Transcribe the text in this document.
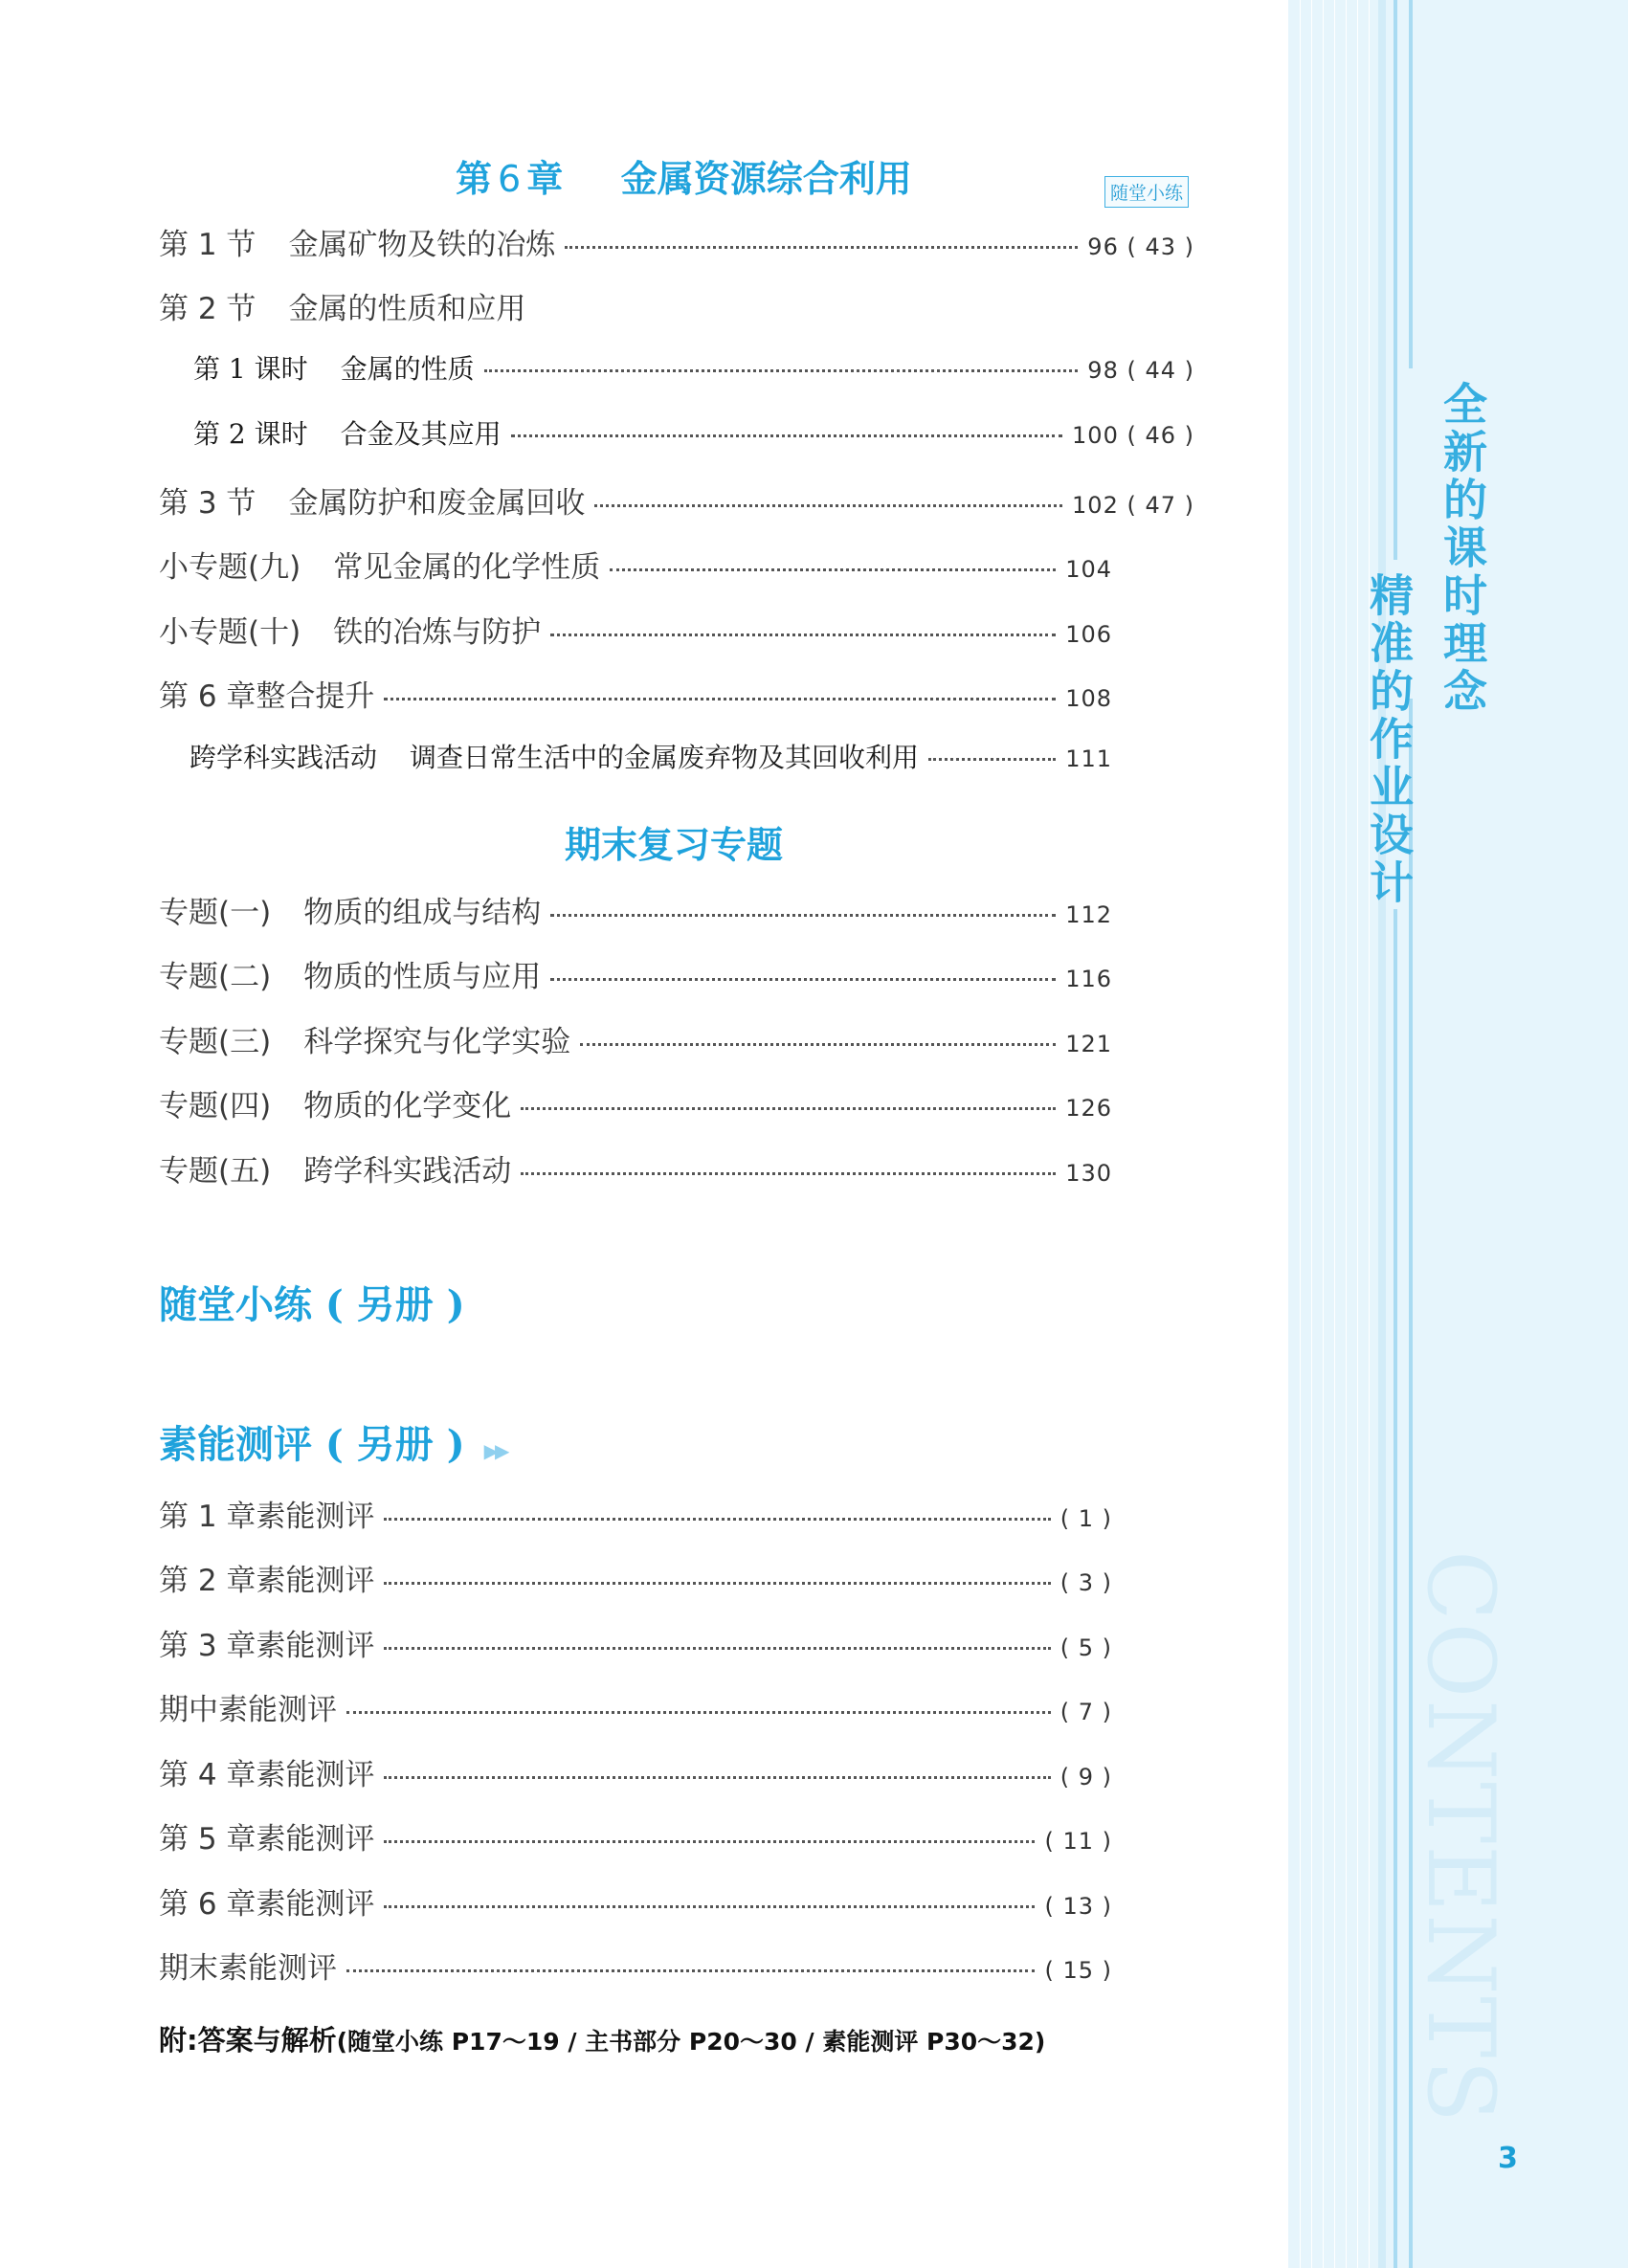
全新的课时理念
精准的作业设计
CONTENTS
3
第 6 章 金属资源综合利用	随堂小练
第 1 节 金属矿物及铁的冶炼	96 ( 43 )
第 2 节 金属的性质和应用
第 1 课时 金属的性质	98 ( 44 )
第 2 课时 合金及其应用	100 ( 46 )
第 3 节 金属防护和废金属回收	102 ( 47 )
小专题(九) 常见金属的化学性质	104
小专题(十) 铁的冶炼与防护	106
第 6 章整合提升	108
跨学科实践活动 调查日常生活中的金属废弃物及其回收利用	111
期末复习专题
专题(一) 物质的组成与结构	112
专题(二) 物质的性质与应用	116
专题(三) 科学探究与化学实验	121
专题(四) 物质的化学变化	126
专题(五) 跨学科实践活动	130
随堂小练 ( 另册 )
素能测评 ( 另册 ) ▶▶
第 1 章素能测评	( 1 )
第 2 章素能测评	( 3 )
第 3 章素能测评	( 5 )
期中素能测评	( 7 )
第 4 章素能测评	( 9 )
第 5 章素能测评	( 11 )
第 6 章素能测评	( 13 )
期末素能测评	( 15 )
附:答案与解析(随堂小练 P17～19 / 主书部分 P20～30 / 素能测评 P30～32)
